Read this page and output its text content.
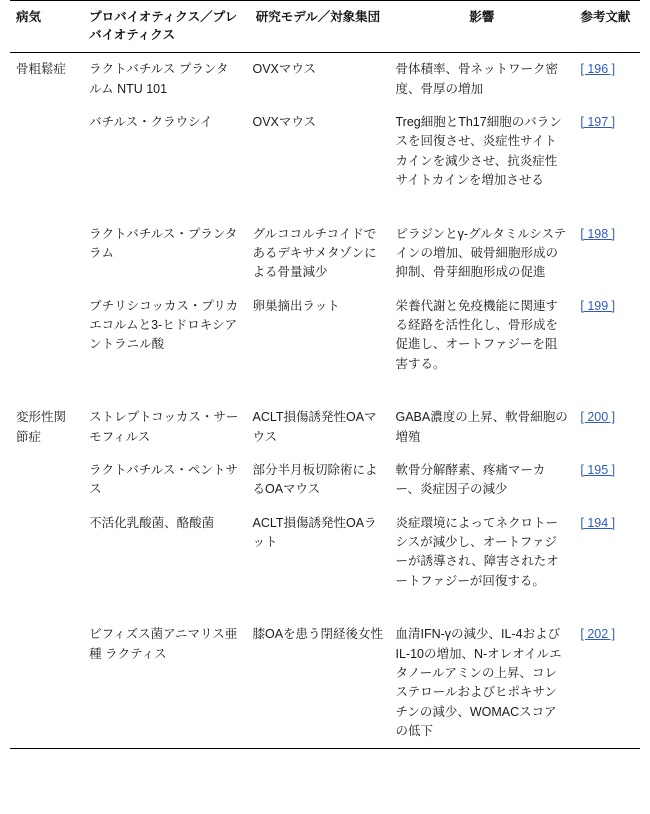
病気	プロバイオティクス／プレバイオティクス	研究モデル／対象集団	影響	参考文献
骨粗鬆症	ラクトバチルス プランタルム NTU 101	OVXマウス	骨体積率、骨ネットワーク密度、骨厚の増加	[ 196 ]
	バチルス・クラウシイ	OVXマウス	Treg細胞とTh17細胞のバランスを回復させ、炎症性サイトカインを減少させ、抗炎症性サイトカインを増加させる	[ 197 ]

	ラクトバチルス・プランタラム	グルココルチコイドであるデキサメタゾンによる骨量減少	ピラジンとγ-グルタミルシステインの増加、破骨細胞形成の抑制、骨芽細胞形成の促進	[ 198 ]
	ブチリシコッカス・プリカエコルムと3-ヒドロキシアントラニル酸	卵巣摘出ラット	栄養代謝と免疫機能に関連する経路を活性化し、骨形成を促進し、オートファジーを阻害する。	[ 199 ]

変形性関節症	ストレプトコッカス・サーモフィルス	ACLT損傷誘発性OAマウス	GABA濃度の上昇、軟骨細胞の増殖	[ 200 ]
	ラクトバチルス・ペントサス	部分半月板切除術によるOAマウス	軟骨分解酵素、疼痛マーカー、炎症因子の減少	[ 195 ]
	不活化乳酸菌、酪酸菌	ACLT損傷誘発性OAラット	炎症環境によってネクロトーシスが減少し、オートファジーが誘導され、障害されたオートファジーが回復する。	[ 194 ]

	ビフィズス菌アニマリス亜種 ラクティス	膝OAを患う閉経後女性	血清IFN-γの減少、IL-4およびIL-10の増加、N-オレオイルエタノールアミンの上昇、コレステロールおよびヒポキサンチンの減少、WOMACスコアの低下	[ 202 ]
